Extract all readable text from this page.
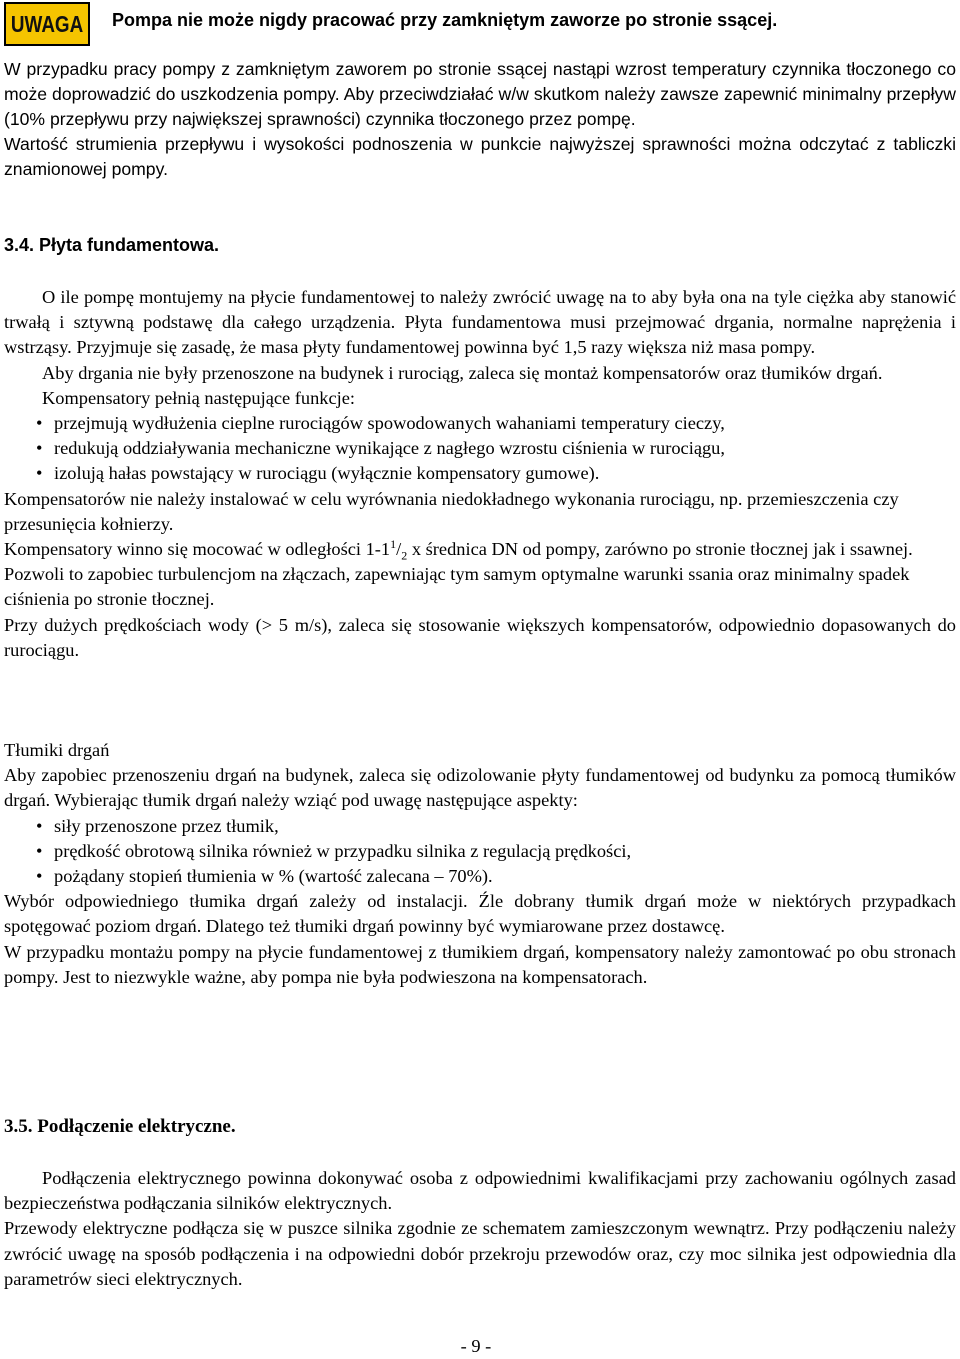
UWAGA Pompa nie może nigdy pracować przy zamkniętym zaworze po stronie ssącej.

W przypadku pracy pompy z zamkniętym zaworem po stronie ssącej nastąpi wzrost temperatury czynnika tłoczonego co może doprowadzić do uszkodzenia pompy. Aby przeciwdziałać w/w skutkom należy zawsze zapewnić minimalny przepływ (10% przepływu przy największej sprawności) czynnika tłoczonego przez pompę.

Wartość strumienia przepływu i wysokości podnoszenia w punkcie najwyższej sprawności można odczytać z tabliczki znamionowej pompy.

3.4. Płyta fundamentowa.

O ile pompę montujemy na płycie fundamentowej to należy zwrócić uwagę na to aby była ona na tyle ciężka aby stanowić trwałą i sztywną podstawę dla całego urządzenia. Płyta fundamentowa musi przejmować drgania, normalne naprężenia i wstrząsy. Przyjmuje się zasadę, że masa płyty fundamentowej powinna być 1,5 razy większa niż masa pompy.

Aby drgania nie były przenoszone na budynek i rurociąg, zaleca się montaż kompensatorów oraz tłumików drgań.

Kompensatory pełnią następujące funkcje:

• przejmują wydłużenia cieplne rurociągów spowodowanych wahaniami temperatury cieczy,
• redukują oddziaływania mechaniczne wynikające z nagłego wzrostu ciśnienia w rurociągu,
• izolują hałas powstający w rurociągu (wyłącznie kompensatory gumowe).

Kompensatorów nie należy instalować w celu wyrównania niedokładnego wykonania rurociągu, np. przemieszczenia czy przesunięcia kołnierzy.

Kompensatory winno się mocować w odległości $1-1^1/_2$ x średnica DN od pompy, zarówno po stronie tłocznej jak i ssawnej. Pozwoli to zapobiec turbulencjom na złączach, zapewniając tym samym optymalne warunki ssania oraz minimalny spadek ciśnienia po stronie tłocznej.

Przy dużych prędkościach wody (> 5 m/s), zaleca się stosowanie większych kompensatorów, odpowiednio dopasowanych do rurociągu.

Tłumiki drgań

Aby zapobiec przenoszeniu drgań na budynek, zaleca się odizolowanie płyty fundamentowej od budynku za pomocą tłumików drgań. Wybierając tłumik drgań należy wziąć pod uwagę następujące aspekty:

• siły przenoszone przez tłumik,
• prędkość obrotową silnika również w przypadku silnika z regulacją prędkości,
• pożądany stopień tłumienia w % (wartość zalecana – 70%).

Wybór odpowiedniego tłumika drgań zależy od instalacji. Źle dobrany tłumik drgań może w niektórych przypadkach spotęgować poziom drgań. Dlatego też tłumiki drgań powinny być wymiarowane przez dostawcę.

W przypadku montażu pompy na płycie fundamentowej z tłumikiem drgań, kompensatory należy zamontować po obu stronach pompy. Jest to niezwykle ważne, aby pompa nie była podwieszona na kompensatorach.

3.5. Podłączenie elektryczne.

Podłączenia elektrycznego powinna dokonywać osoba z odpowiednimi kwalifikacjami przy zachowaniu ogólnych zasad bezpieczeństwa podłączania silników elektrycznych.

Przewody elektryczne podłącza się w puszce silnika zgodnie ze schematem zamieszczonym wewnątrz. Przy podłączeniu należy zwrócić uwagę na sposób podłączenia i na odpowiedni dobór przekroju przewodów oraz, czy moc silnika jest odpowiednia dla parametrów sieci elektrycznych.

- 9 -
